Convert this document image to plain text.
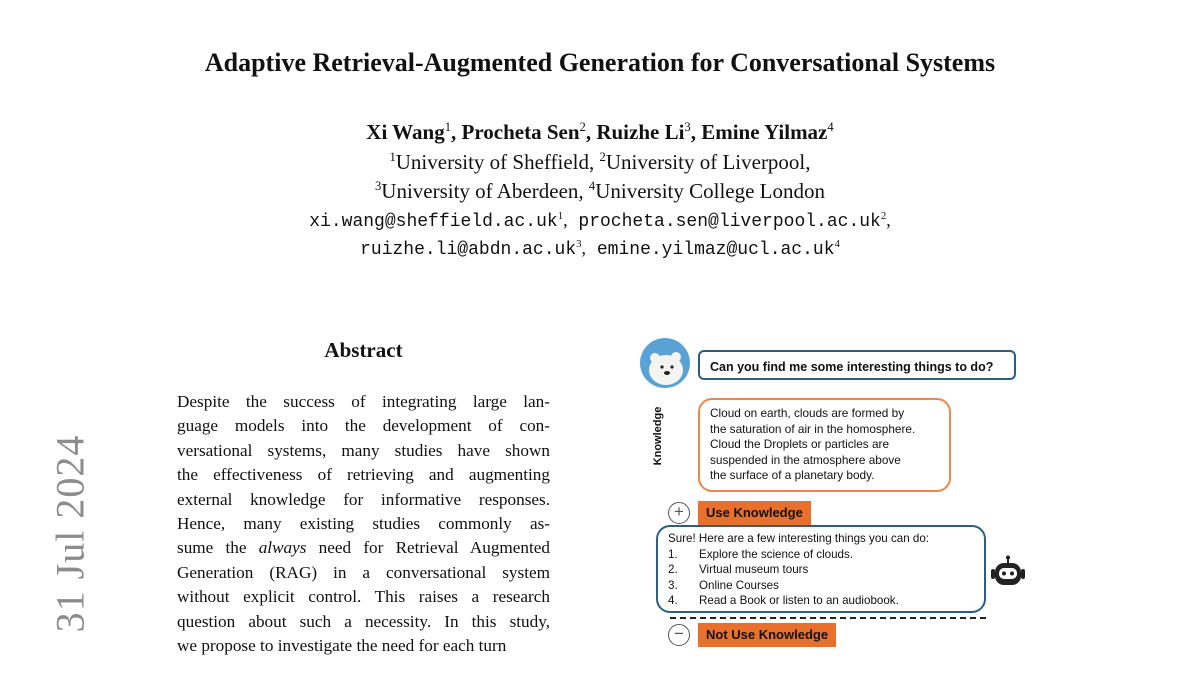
Adaptive Retrieval-Augmented Generation for Conversational Systems
Xi Wang$^1$, Procheta Sen$^2$, Ruizhe Li$^3$, Emine Yilmaz$^4$
$^1$University of Sheffield, $^2$University of Liverpool,
$^3$University of Aberdeen, $^4$University College London
$xi.wang@sheffield.ac.uk^1$, $procheta.sen@liverpool.ac.uk^2$,
$ruizhe.li@abdn.ac.uk^3$, $emine.yilmaz@ucl.ac.uk^4$
31 Jul 2024
Abstract
Despite the success of integrating large lan-
guage models into the development of con-
versational systems, many studies have shown
the effectiveness of retrieving and augmenting
external knowledge for informative responses.
Hence, many existing studies commonly as-
sume the always need for Retrieval Augmented
Generation (RAG) in a conversational system
without explicit control. This raises a research
question about such a necessity. In this study,
we propose to investigate the need for each turn
Can you find me some interesting things to do?
Knowledge	Cloud on earth, clouds are formed by
the saturation of air in the homosphere.
Cloud the Droplets or particles are
suspended in the atmosphere above
the surface of a planetary body.
+	Use Knowledge
Sure! Here are a few interesting things you can do:
1.	Explore the science of clouds.
2.	Virtual museum tours
3.	Online Courses
4.	Read a Book or listen to an audiobook.
−	Not Use Knowledge
